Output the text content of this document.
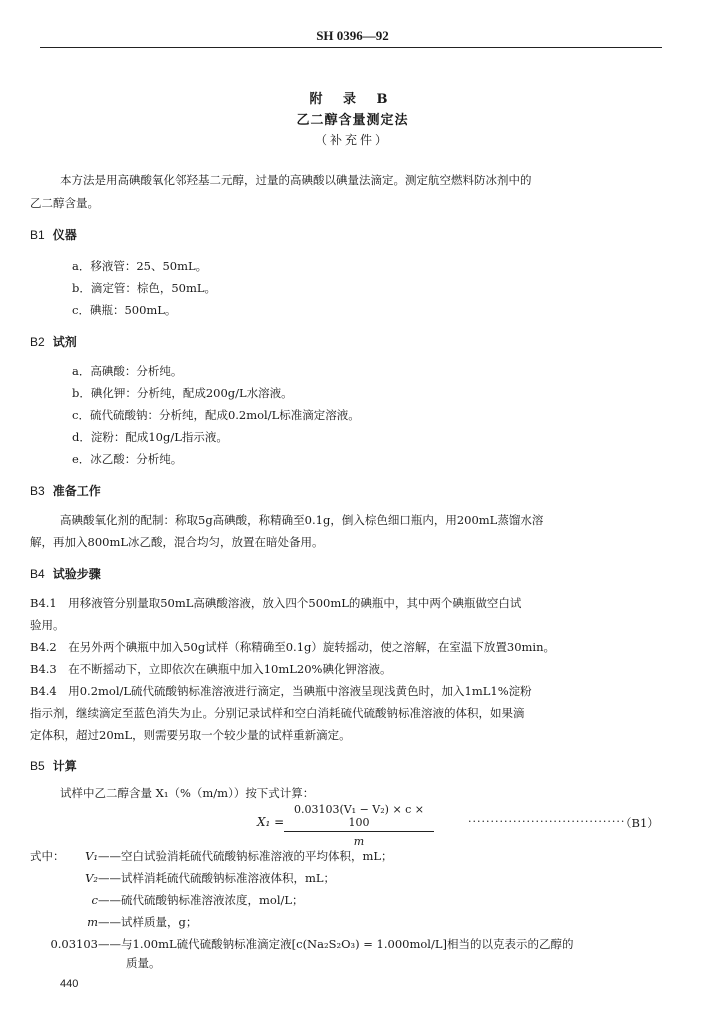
SH 0396—92
附 录 B
乙二醇含量测定法
（补充件）
本方法是用高碘酸氧化邻羟基二元醇，过量的高碘酸以碘量法滴定。测定航空燃料防冰剂中的
乙二醇含量。
B1 仪器
a．移液管：25、50mL。
b．滴定管：棕色，50mL。
c．碘瓶：500mL。
B2 试剂
a．高碘酸：分析纯。
b．碘化钾：分析纯，配成200g/L水溶液。
c．硫代硫酸钠：分析纯，配成0.2mol/L标准滴定溶液。
d．淀粉：配成10g/L指示液。
e．冰乙酸：分析纯。
B3 准备工作
高碘酸氧化剂的配制：称取5g高碘酸，称精确至0.1g，倒入棕色细口瓶内，用200mL蒸馏水溶
解，再加入800mL冰乙酸，混合均匀，放置在暗处备用。
B4 试验步骤
B4.1　用移液管分别量取50mL高碘酸溶液，放入四个500mL的碘瓶中，其中两个碘瓶做空白试
验用。
B4.2　在另外两个碘瓶中加入50g试样（称精确至0.1g）旋转摇动，使之溶解，在室温下放置30min。
B4.3　在不断摇动下，立即依次在碘瓶中加入10mL20%碘化钾溶液。
B4.4　用0.2mol/L硫代硫酸钠标准溶液进行滴定，当碘瓶中溶液呈现浅黄色时，加入1mL1%淀粉
指示剂，继续滴定至蓝色消失为止。分别记录试样和空白消耗硫代硫酸钠标准溶液的体积，如果滴
定体积，超过20mL，则需要另取一个较少量的试样重新滴定。
B5 计算
试样中乙二醇含量 X₁（%（m/m））按下式计算：
$X_1 = \frac{\text{0.03103(V₁ − V₂) × c × 100}}{m}$	···································
（B1）
式中：	V₁——空白试验消耗硫代硫酸钠标准溶液的平均体积，mL；
V₂——试样消耗硫代硫酸钠标准溶液体积，mL；
c——硫代硫酸钠标准溶液浓度，mol/L；
m——试样质量，g；
0.03103——与1.00mL硫代硫酸钠标准滴定液[c(Na₂S₂O₃) = 1.000mol/L]相当的以克表示的乙醇的
质量。
440
